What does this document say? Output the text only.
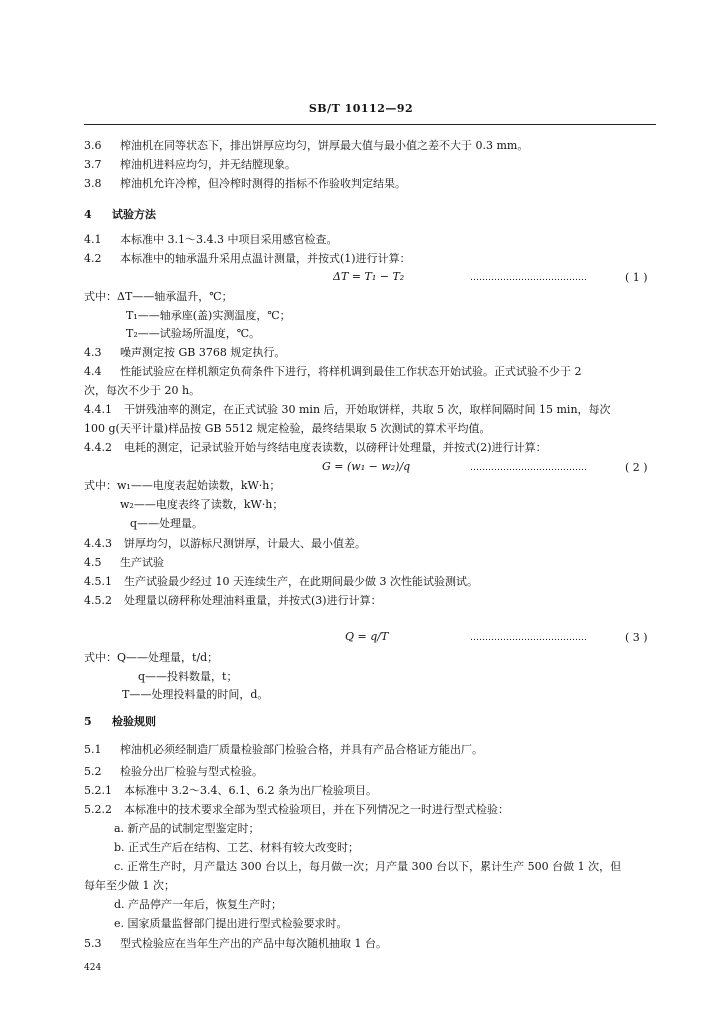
SB/T 10112—92
3.6 榨油机在同等状态下，排出饼厚应均匀，饼厚最大值与最小值之差不大于 0.3 mm。
3.7 榨油机进料应均匀，并无结膛现象。
3.8 榨油机允许冷榨，但冷榨时测得的指标不作验收判定结果。
4 试验方法
4.1 本标准中 3.1～3.4.3 中项目采用感官检查。
4.2 本标准中的轴承温升采用点温计测量，并按式(1)进行计算：
ΔT = T₁ − T₂	…………………………………	( 1 )
式中：ΔT——轴承温升，℃；
T₁——轴承座(盖)实测温度，℃；
T₂——试验场所温度，℃。
4.3 噪声测定按 GB 3768 规定执行。
4.4 性能试验应在样机额定负荷条件下进行，将样机调到最佳工作状态开始试验。正式试验不少于 2
次，每次不少于 20 h。
4.4.1 干饼残油率的测定，在正式试验 30 min 后，开始取饼样，共取 5 次，取样间隔时间 15 min，每次
100 g(天平计量)样品按 GB 5512 规定检验，最终结果取 5 次测试的算术平均值。
4.4.2 电耗的测定，记录试验开始与终结电度表读数，以磅秤计处理量，并按式(2)进行计算：
G = (w₁ − w₂)/q	…………………………………	( 2 )
式中：w₁——电度表起始读数，kW·h；
w₂——电度表终了读数，kW·h；
q——处理量。
4.4.3 饼厚均匀，以游标尺测饼厚，计最大、最小值差。
4.5 生产试验
4.5.1 生产试验最少经过 10 天连续生产，在此期间最少做 3 次性能试验测试。
4.5.2 处理量以磅秤称处理油料重量，并按式(3)进行计算：
Q = q/T	…………………………………	( 3 )
式中：Q——处理量，t/d；
q——投料数量，t；
T——处理投料量的时间，d。
5 检验规则
5.1 榨油机必须经制造厂质量检验部门检验合格，并具有产品合格证方能出厂。
5.2 检验分出厂检验与型式检验。
5.2.1 本标准中 3.2～3.4、6.1、6.2 条为出厂检验项目。
5.2.2 本标准中的技术要求全部为型式检验项目，并在下列情况之一时进行型式检验：
a. 新产品的试制定型鉴定时；
b. 正式生产后在结构、工艺、材料有较大改变时；
c. 正常生产时，月产量达 300 台以上，每月做一次；月产量 300 台以下，累计生产 500 台做 1 次，但
每年至少做 1 次；
d. 产品停产一年后，恢复生产时；
e. 国家质量监督部门提出进行型式检验要求时。
5.3 型式检验应在当年生产出的产品中每次随机抽取 1 台。
424
